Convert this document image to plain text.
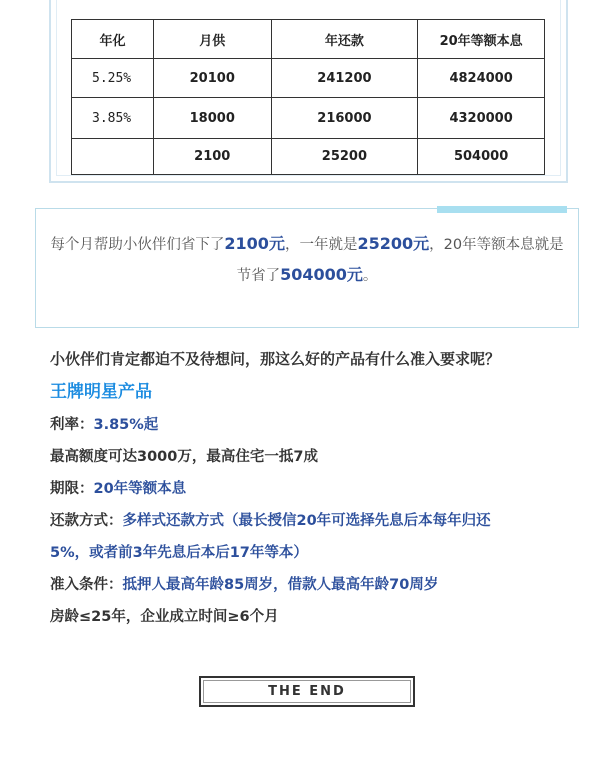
年化	月供	年还款	20年等额本息
5.25%	20100	241200	4824000
3.85%	18000	216000	4320000
	2100	25200	504000
每个月帮助小伙伴们省下了2100元，一年就是25200元，20年等额本息就是节省了504000元。
小伙伴们肯定都迫不及待想问，那这么好的产品有什么准入要求呢？
王牌明星产品
利率：3.85%起
最高额度可达3000万，最高住宅一抵7成
期限：20年等额本息
还款方式：多样式还款方式（最长授信20年可选择先息后本每年归还
5%，或者前3年先息后本后17年等本）
准入条件：抵押人最高年龄85周岁，借款人最高年龄70周岁
房龄≤25年，企业成立时间≥6个月
THE END
